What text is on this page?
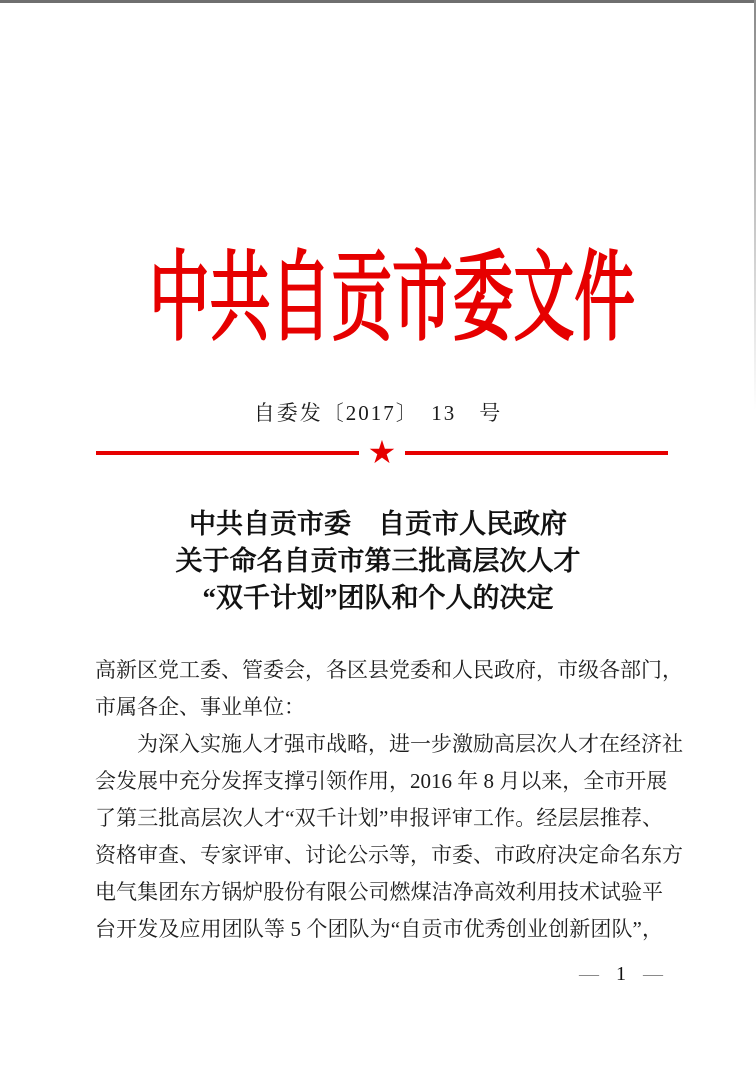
中共自贡市委文件
自委发〔2017〕　13　号
★
中共自贡市委　自贡市人民政府
关于命名自贡市第三批高层次人才
“双千计划”团队和个人的决定
高新区党工委、管委会，各区县党委和人民政府，市级各部门，
市属各企、事业单位：
为深入实施人才强市战略，进一步激励高层次人才在经济社
会发展中充分发挥支撑引领作用，2016 年 8 月以来，全市开展
了第三批高层次人才“双千计划”申报评审工作。经层层推荐、
资格审查、专家评审、讨论公示等，市委、市政府决定命名东方
电气集团东方锅炉股份有限公司燃煤洁净高效利用技术试验平
台开发及应用团队等 5 个团队为“自贡市优秀创业创新团队”，
— 1 —
